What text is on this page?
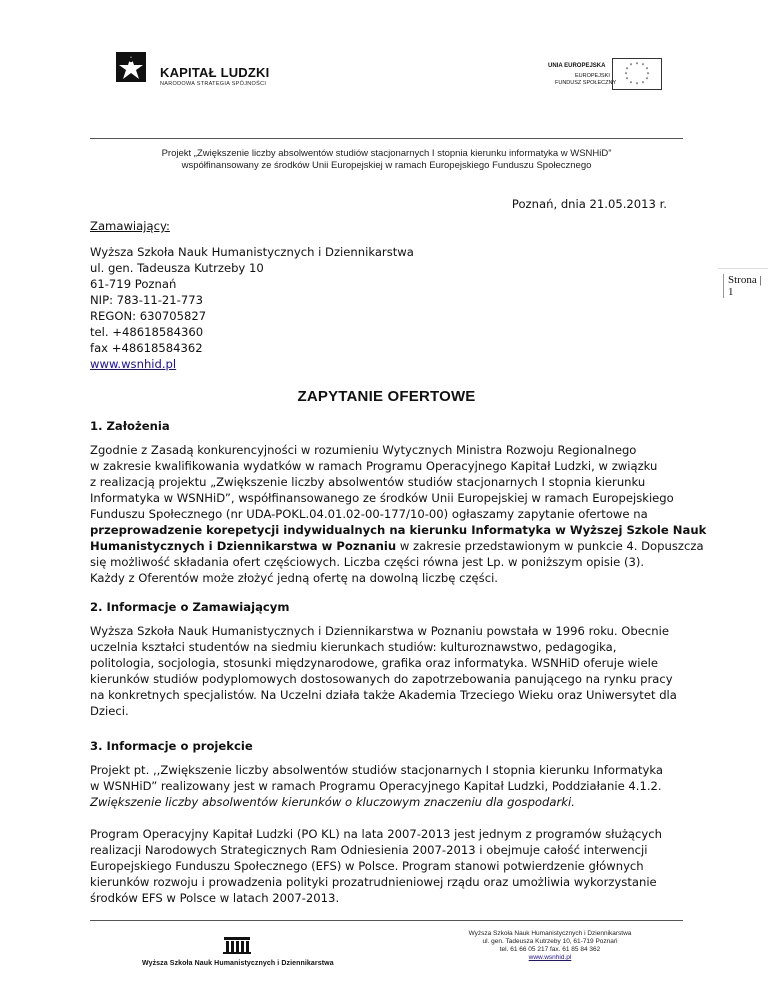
KAPITAŁ LUDZKI
NARODOWA STRATEGIA SPÓJNOŚCI
UNIA EUROPEJSKA
EUROPEJSKI
FUNDUSZ SPOŁECZNY
* *
*
*
*
*
*
*
*
*
*
*
Projekt „Zwiększenie liczby absolwentów studiów stacjonarnych I stopnia kierunku informatyka w WSNHiD”
współfinansowany ze środków Unii Europejskiej w ramach Europejskiego Funduszu Społecznego
Poznań, dnia 21.05.2013 r.
Strona | 1
Zamawiający:
Wyższa Szkoła Nauk Humanistycznych i Dziennikarstwa
ul. gen. Tadeusza Kutrzeby 10
61-719 Poznań
NIP: 783-11-21-773
REGON: 630705827
tel. +48618584360
fax +48618584362
www.wsnhid.pl
ZAPYTANIE OFERTOWE
1. Założenia
Zgodnie z Zasadą konkurencyjności w rozumieniu Wytycznych Ministra Rozwoju Regionalnego
w zakresie kwalifikowania wydatków w ramach Programu Operacyjnego Kapitał Ludzki, w związku
z realizacją projektu „Zwiększenie liczby absolwentów studiów stacjonarnych I stopnia kierunku
Informatyka w WSNHiD”, współfinansowanego ze środków Unii Europejskiej w ramach Europejskiego
Funduszu Społecznego (nr UDA-POKL.04.01.02-00-177/10-00) ogłaszamy zapytanie ofertowe na
przeprowadzenie korepetycji indywidualnych na kierunku Informatyka w Wyższej Szkole Nauk
Humanistycznych i Dziennikarstwa w Poznaniu w zakresie przedstawionym w punkcie 4. Dopuszcza
się możliwość składania ofert częściowych. Liczba części równa jest Lp. w poniższym opisie (3).
Każdy z Oferentów może złożyć jedną ofertę na dowolną liczbę części.
2. Informacje o Zamawiającym
Wyższa Szkoła Nauk Humanistycznych i Dziennikarstwa w Poznaniu powstała w 1996 roku. Obecnie
uczelnia kształci studentów na siedmiu kierunkach studiów: kulturoznawstwo, pedagogika,
politologia, socjologia, stosunki międzynarodowe, grafika oraz informatyka. WSNHiD oferuje wiele
kierunków studiów podyplomowych dostosowanych do zapotrzebowania panującego na rynku pracy
na konkretnych specjalistów. Na Uczelni działa także Akademia Trzeciego Wieku oraz Uniwersytet dla
Dzieci.
3. Informacje o projekcie
Projekt pt. ,,Zwiększenie liczby absolwentów studiów stacjonarnych I stopnia kierunku Informatyka
w WSNHiD” realizowany jest w ramach Programu Operacyjnego Kapitał Ludzki, Poddziałanie 4.1.2.
Zwiększenie liczby absolwentów kierunków o kluczowym znaczeniu dla gospodarki.
Program Operacyjny Kapitał Ludzki (PO KL) na lata 2007-2013 jest jednym z programów służących
realizacji Narodowych Strategicznych Ram Odniesienia 2007-2013 i obejmuje całość interwencji
Europejskiego Funduszu Społecznego (EFS) w Polsce. Program stanowi potwierdzenie głównych
kierunków rozwoju i prowadzenia polityki prozatrudnieniowej rządu oraz umożliwia wykorzystanie
środków EFS w Polsce w latach 2007-2013.
Wyższa Szkoła Nauk Humanistycznych i Dziennikarstwa
Wyższa Szkoła Nauk Humanistycznych i Dziennikarstwa
ul. gen. Tadeusza Kutrzeby 10, 61-719 Poznań
tel. 61 66 05 217 fax. 61 85 84 362
www.wsnhid.pl
